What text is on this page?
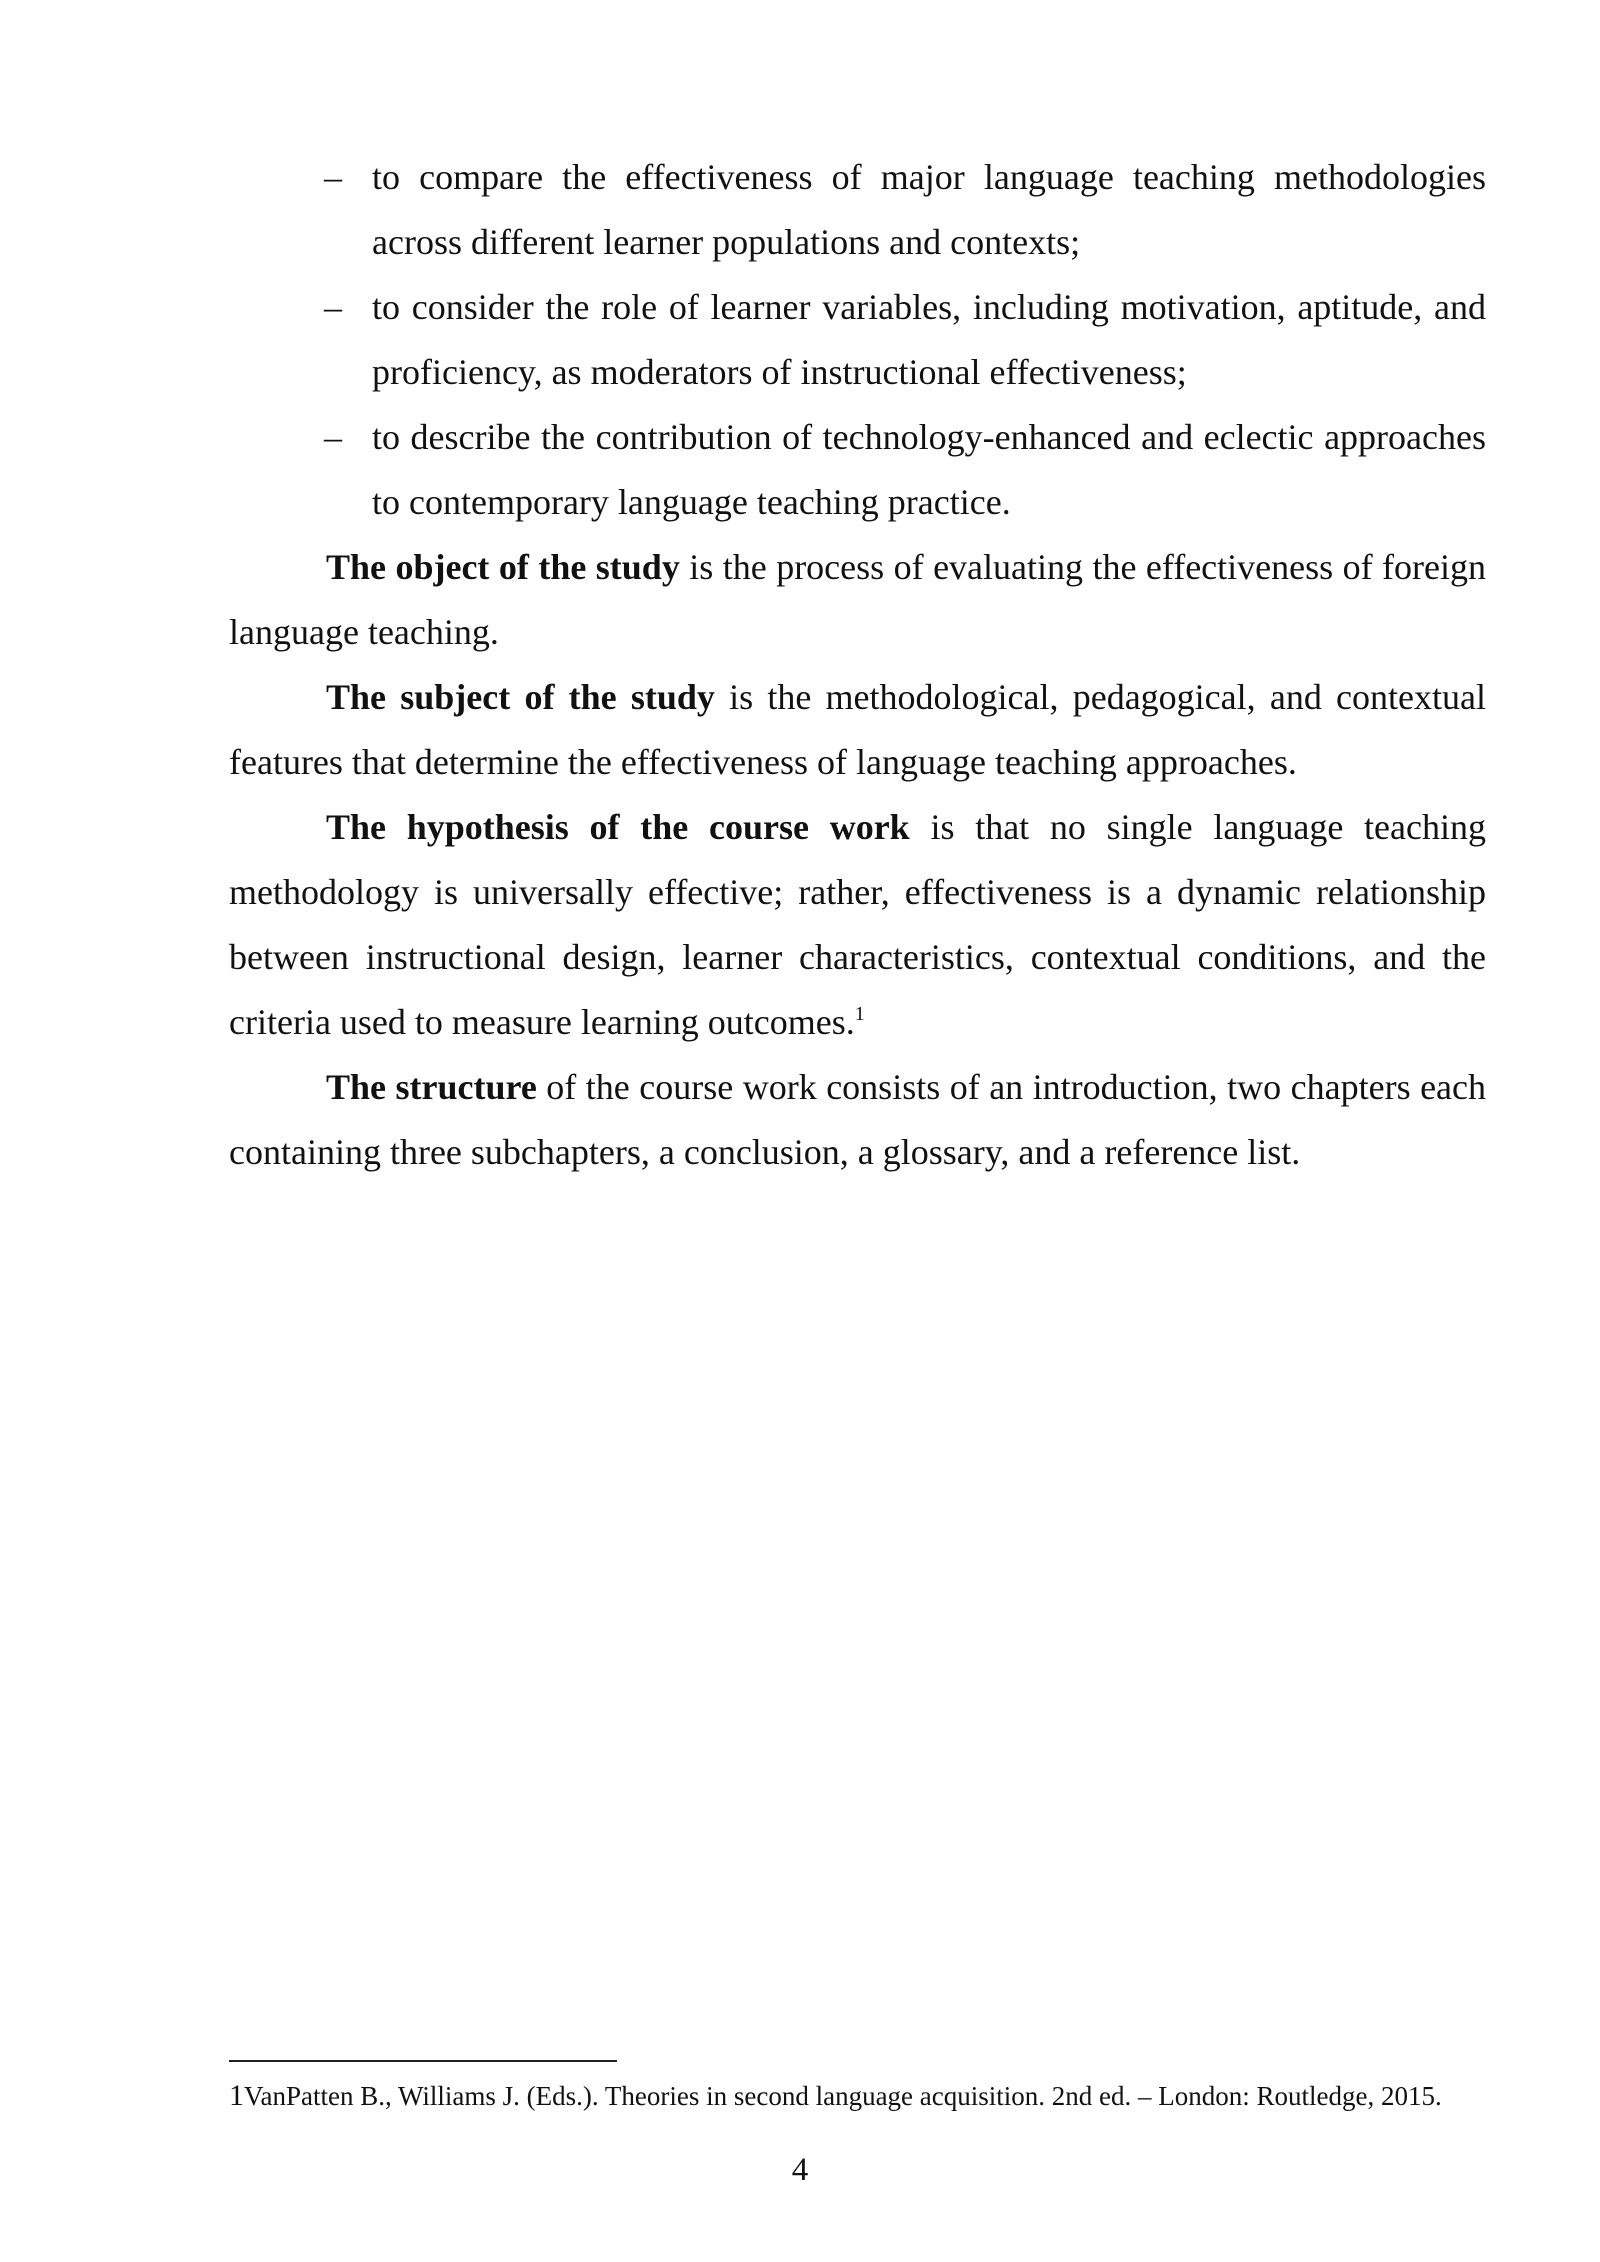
– to compare the effectiveness of major language teaching methodologies across different learner populations and contexts;
– to consider the role of learner variables, including motivation, aptitude, and proficiency, as moderators of instructional effectiveness;
– to describe the contribution of technology-enhanced and eclectic approaches to contemporary language teaching practice.

The object of the study is the process of evaluating the effectiveness of foreign language teaching.

The subject of the study is the methodological, pedagogical, and contextual features that determine the effectiveness of language teaching approaches.

The hypothesis of the course work is that no single language teaching methodology is universally effective; rather, effectiveness is a dynamic relationship between instructional design, learner characteristics, contextual conditions, and the criteria used to measure learning outcomes.$^1$

The structure of the course work consists of an introduction, two chapters each containing three subchapters, a conclusion, a glossary, and a reference list.

1VanPatten B., Williams J. (Eds.). Theories in second language acquisition. 2nd ed. – London: Routledge, 2015.
4
